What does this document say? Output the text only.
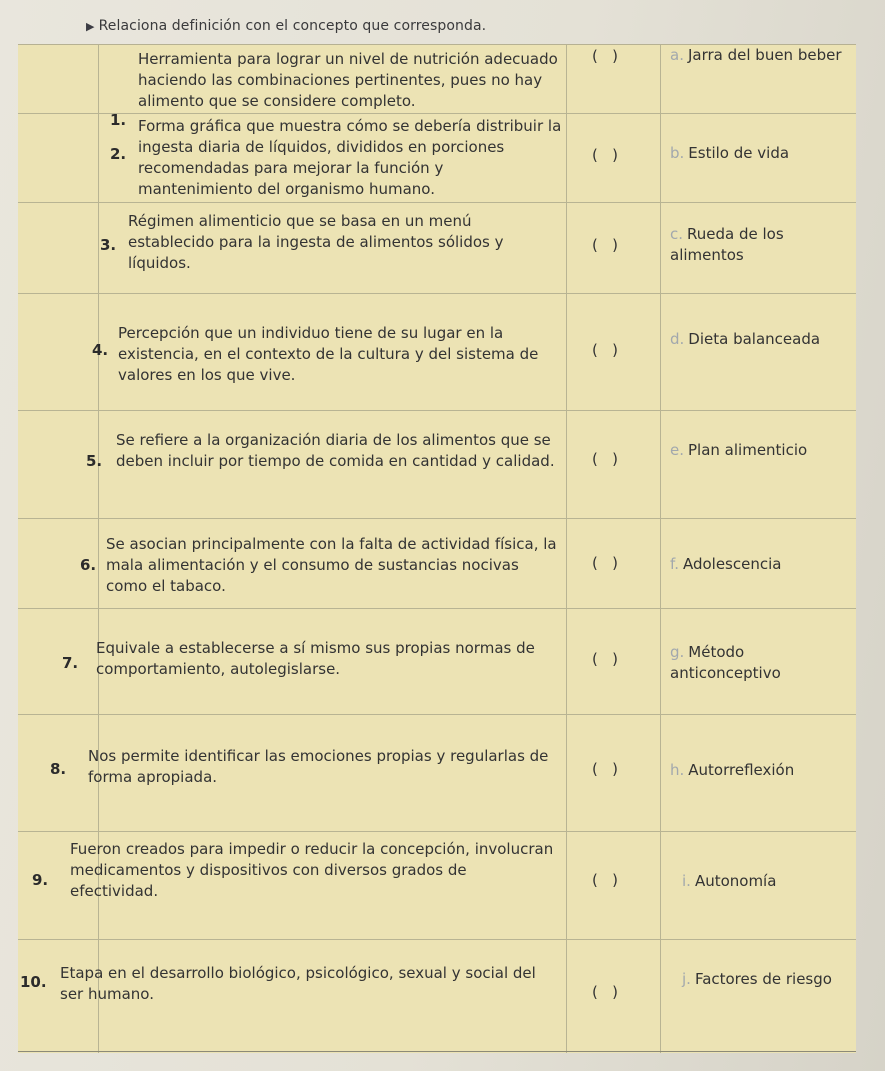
▶ Relaciona definición con el concepto que corresponda.
1.
Herramienta para lograr un nivel de nutrición adecuado haciendo las combinaciones pertinentes, pues no hay alimento que se considere completo.
(   )	a. Jarra del buen beber
2.
Forma gráfica que muestra cómo se debería distribuir la ingesta diaria de líquidos, divididos en porciones recomendadas para mejorar la función y mantenimiento del organismo humano.
(   )	b. Estilo de vida
3.
Régimen alimenticio que se basa en un menú establecido para la ingesta de alimentos sólidos y líquidos.
(   )
c. Rueda de los alimentos
4.
Percepción que un individuo tiene de su lugar en la existencia, en el contexto de la cultura y del sistema de valores en los que vive.
(   )
d. Dieta balanceada
5.
Se refiere a la organización diaria de los alimentos que se deben incluir por tiempo de comida en cantidad y calidad.	(   )	e. Plan alimenticio
6.
Se asocian principalmente con la falta de actividad física, la mala alimentación y el consumo de sustancias nocivas como el tabaco.
(   )	f. Adolescencia
7.
Equivale a establecerse a sí mismo sus propias normas de comportamiento, autolegislarse.
(   )	g. Método anticonceptivo
8.
Nos permite identificar las emociones propias y regularlas de forma apropiada.	(   )	h. Autorreflexión
9.
Fueron creados para impedir o reducir la concepción, involucran medicamentos y dispositivos con diversos grados de efectividad.
(   )	i. Autonomía
10. Etapa en el desarrollo biológico, psicológico, sexual y social del ser humano.	(   )
j. Factores de riesgo
